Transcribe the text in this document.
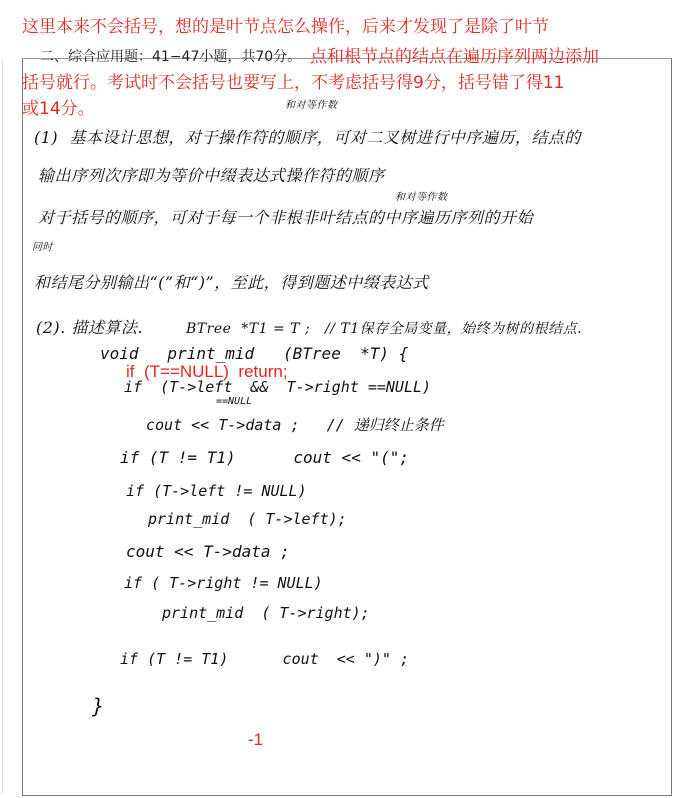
二、综合应用题：41−47小题，共70分。
这里本来不会括号，想的是叶节点怎么操作，后来才发现了是除了叶节
点和根节点的结点在遍历序列两边添加
括号就行。考试时不会括号也要写上，不考虑括号得9分，括号错了得11
或14分。	和对等作数
(1)  基本设计思想，对于操作符的顺序，可对二叉树进行中序遍历，结点的
输出序列次序即为等价中缀表达式操作符的顺序
和对等作数
对于括号的顺序，可对于每一个非根非叶结点的中序遍历序列的开始
同时
和结尾分别输出“(”和“)”，至此，得到题述中缀表达式
(2). 描述算法.	BTree  *T1 = T ;   // T1保存全局变量，始终为树的根结点.
void   print_mid   (BTree  *T) {
if  (T==NULL)  return;
if  (T->left  &&  T->right ==NULL)
==NULL
cout << T->data ;   // 递归终止条件
if (T != T1)      cout << "(";
if (T->left != NULL)
print_mid  ( T->left);
cout << T->data ;
if ( T->right != NULL)
print_mid  ( T->right);
if (T != T1)      cout  << ")" ;
}
-1
